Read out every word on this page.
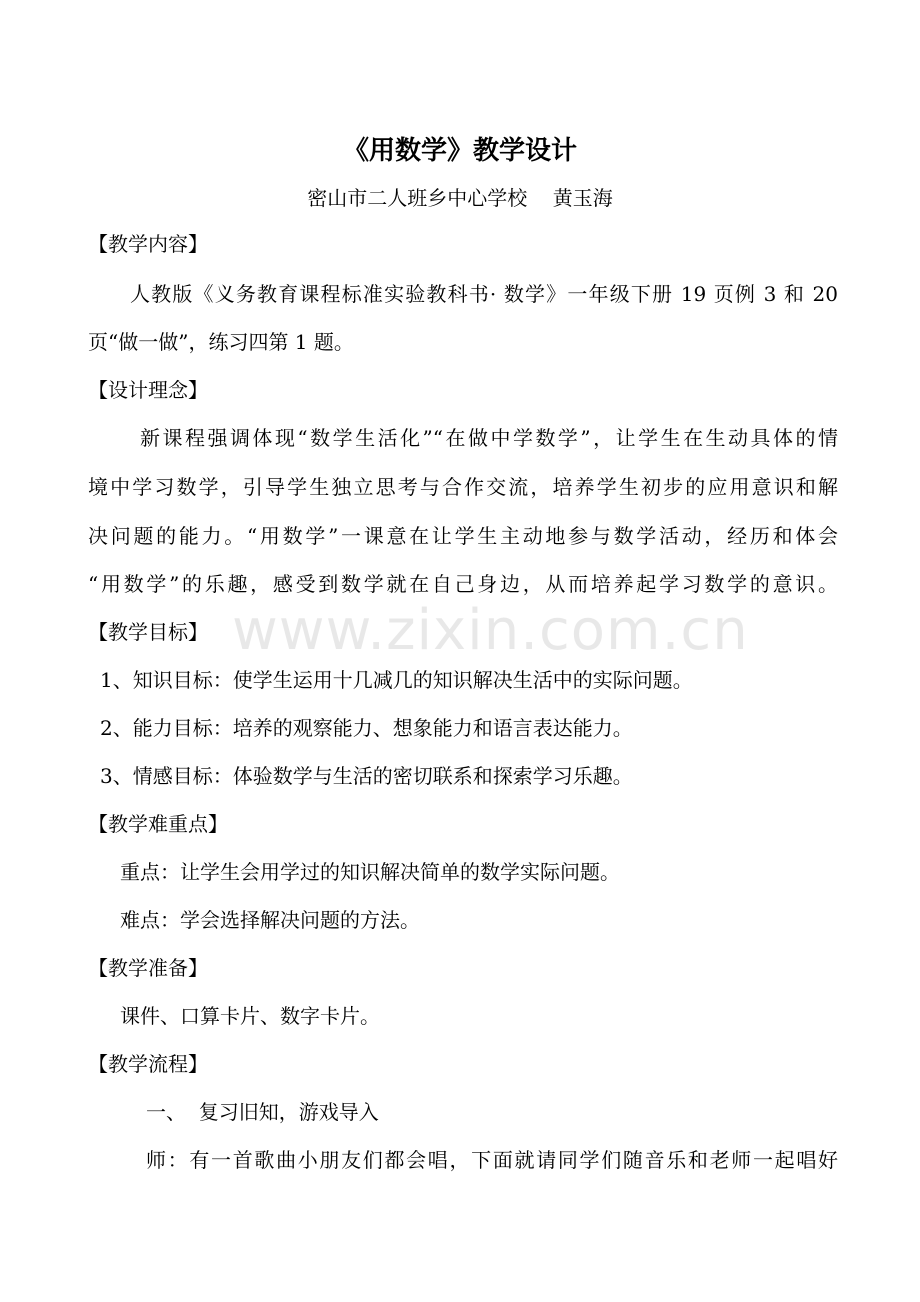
www.zixin.com.cn
《用数学》教学设计
密山市二人班乡中心学校    黄玉海
【教学内容】
人教版《义务教育课程标准实验教科书· 数学》一年级下册 19 页例 3 和 20
页“做一做”，练习四第 1 题。
【设计理念】
新课程强调体现“数学生活化”“在做中学数学”，让学生在生动具体的情
境中学习数学，引导学生独立思考与合作交流，培养学生初步的应用意识和解
决问题的能力。“用数学”一课意在让学生主动地参与数学活动，经历和体会
“用数学”的乐趣，感受到数学就在自己身边，从而培养起学习数学的意识。
【教学目标】
1、知识目标：使学生运用十几减几的知识解决生活中的实际问题。
2、能力目标：培养的观察能力、想象能力和语言表达能力。
3、情感目标：体验数学与生活的密切联系和探索学习乐趣。
【教学难重点】
重点：让学生会用学过的知识解决简单的数学实际问题。
难点：学会选择解决问题的方法。
【教学准备】
课件、口算卡片、数字卡片。
【教学流程】
一、  复习旧知，游戏导入
师：有一首歌曲小朋友们都会唱，下面就请同学们随音乐和老师一起唱好
